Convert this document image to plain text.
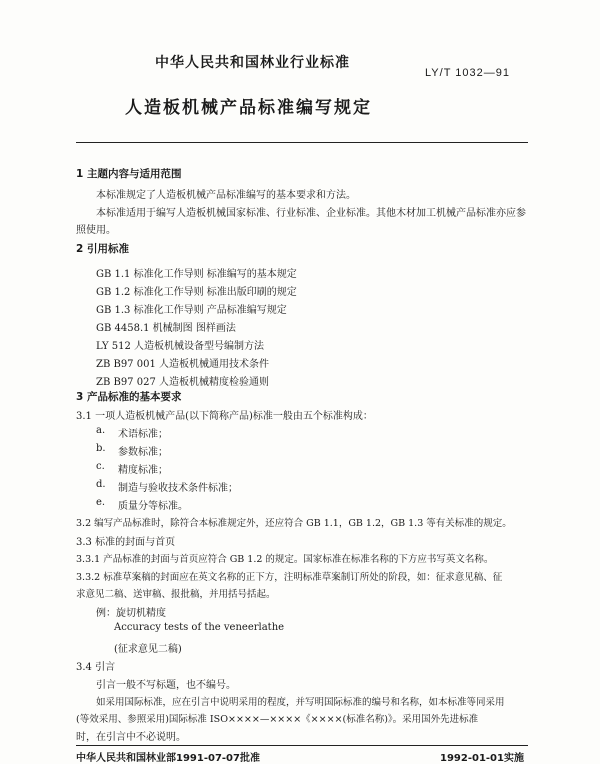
中华人民共和国林业行业标准
LY/T 1032—91
人造板机械产品标准编写规定
1 主题内容与适用范围
本标准规定了人造板机械产品标准编写的基本要求和方法。
本标准适用于编写人造板机械国家标准、行业标准、企业标准。其他木材加工机械产品标准亦应参
照使用。
2 引用标准
GB 1.1 标准化工作导则 标准编写的基本规定
GB 1.2 标准化工作导则 标准出版印刷的规定
GB 1.3 标准化工作导则 产品标准编写规定
GB 4458.1 机械制图 图样画法
LY 512 人造板机械设备型号编制方法
ZB B97 001 人造板机械通用技术条件
ZB B97 027 人造板机械精度检验通则
3 产品标准的基本要求
3.1 一项人造板机械产品(以下简称产品)标准一般由五个标准构成：
a. 术语标准；
b. 参数标准；
c. 精度标准；
d. 制造与验收技术条件标准；
e. 质量分等标准。
3.2 编写产品标准时，除符合本标准规定外，还应符合 GB 1.1，GB 1.2，GB 1.3 等有关标准的规定。
3.3 标准的封面与首页
3.3.1 产品标准的封面与首页应符合 GB 1.2 的规定。国家标准在标准名称的下方应书写英文名称。
3.3.2 标准草案稿的封面应在英文名称的正下方，注明标准草案制订所处的阶段，如：征求意见稿、征
求意见二稿、送审稿、报批稿，并用括号括起。
例：旋切机精度
Accuracy tests of the veneerlathe
(征求意见二稿)
3.4 引言
引言一般不写标题，也不编号。
如采用国际标准，应在引言中说明采用的程度，并写明国际标准的编号和名称，如本标准等同采用
(等效采用、参照采用)国际标准 ISO××××—××××《××××(标准名称)》。采用国外先进标准
时，在引言中不必说明。
中华人民共和国林业部1991-07-07批准	1992-01-01实施
